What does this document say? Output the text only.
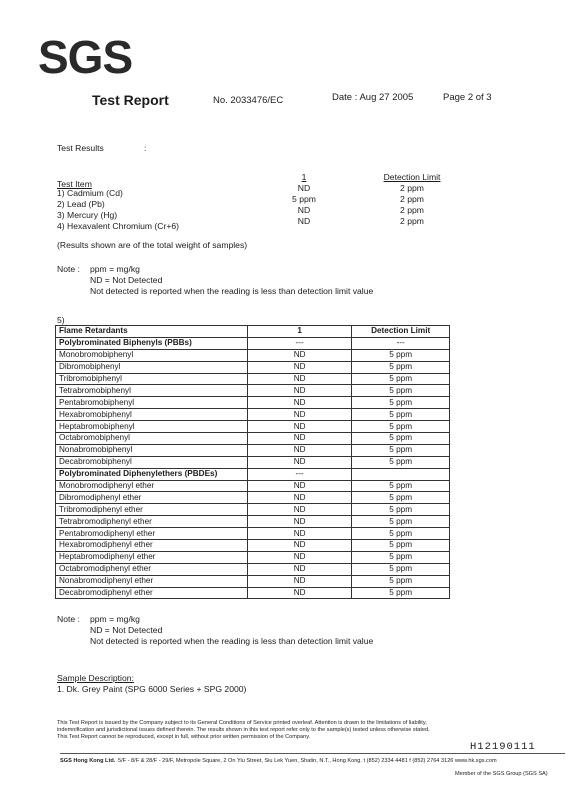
SGS
Test Report	No. 2033476/EC	Date : Aug 27 2005	Page 2 of 3
Test Results	:
Test Item
1	Detection Limit
1) Cadmium (Cd)	ND	2 ppm
2) Lead (Pb)	5 ppm	2 ppm
3) Mercury (Hg)	ND	2 ppm
4) Hexavalent Chromium (Cr+6)	ND	2 ppm
(Results shown are of the total weight of samples)
Note : ppm = mg/kg
ND = Not Detected
Not detected is reported when the reading is less than detection limit value
5)
Flame Retardants	1	Detection Limit
Polybrominated Biphenyls (PBBs)	---	---
Monobromobiphenyl	ND	5 ppm
Dibromobiphenyl	ND	5 ppm
Tribromobiphenyl	ND	5 ppm
Tetrabromobiphenyl	ND	5 ppm
Pentabromobiphenyl	ND	5 ppm
Hexabromobiphenyl	ND	5 ppm
Heptabromobiphenyl	ND	5 ppm
Octabromobiphenyl	ND	5 ppm
Nonabromobiphenyl	ND	5 ppm
Decabromobiphenyl	ND	5 ppm
Polybrominated Diphenylethers (PBDEs)	---	
Monobromodiphenyl ether	ND	5 ppm
Dibromodiphenyl ether	ND	5 ppm
Tribromodiphenyl ether	ND	5 ppm
Tetrabromodiphenyl ether	ND	5 ppm
Pentabromodiphenyl ether	ND	5 ppm
Hexabromodiphenyl ether	ND	5 ppm
Heptabromodiphenyl ether	ND	5 ppm
Octabromodiphenyl ether	ND	5 ppm
Nonabromodiphenyl ether	ND	5 ppm
Decabromodiphenyl ether	ND	5 ppm
Note : ppm = mg/kg
ND = Not Detected
Not detected is reported when the reading is less than detection limit value
Sample Description:
1. Dk. Grey Paint (SPG 6000 Series + SPG 2000)
This Test Report is issued by the Company subject to its General Conditions of Service printed overleaf. Attention is drawn to the limitations of liability,
indemnification and jurisdictional issues defined therein. The results shown in this test report refer only to the sample(s) tested unless otherwise stated.
This Test Report cannot be reproduced, except in full, without prior written permission of the Company.
H12190111
SGS Hong Kong Ltd. 5/F - 8/F & 28/F - 29/F, Metropole Square, 2 On Yiu Street, Siu Lek Yuen, Shatin, N.T., Hong Kong. t (852) 2334 4481 f (852) 2764 3126 www.hk.sgs.com
Member of the SGS Group (SGS SA)
